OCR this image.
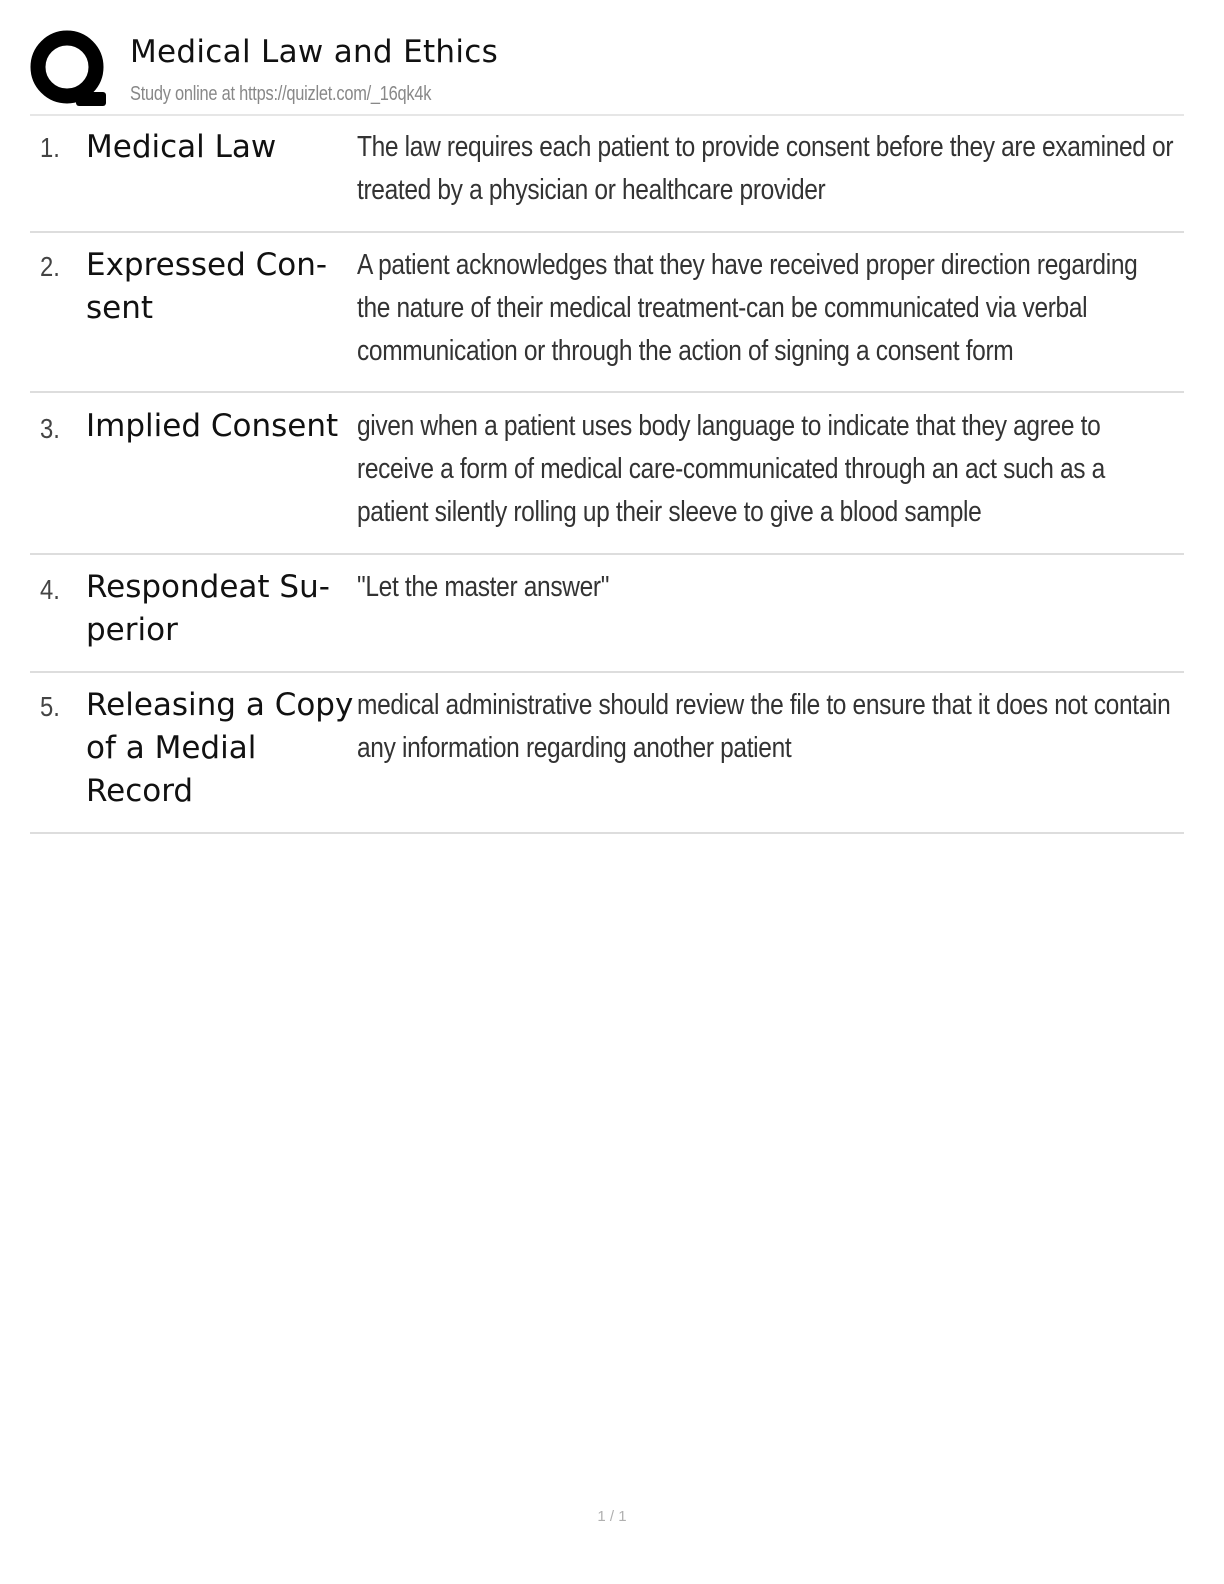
Medical Law and Ethics
Study online at https://quizlet.com/_16qk4k
1. Medical Law	The law requires each patient to provide consent before they are examined or treated by a physician or healthcare provider
2. Expressed Con- sent
A patient acknowledges that they have received proper direction regarding the nature of their medical treatment-can be communicated via verbal communication or through the action of signing a consent form
3. Implied Consent given when a patient uses body language to indicate that they agree to receive a form of medical care-communicated through an act such as a patient silently rolling up their sleeve to give a blood sample
4. Respondeat Su- perior
"Let the master answer"
5. Releasing a Copy of a Medial Record
medical administrative should review the file to ensure that it does not contain any information regarding another patient
1 / 1
